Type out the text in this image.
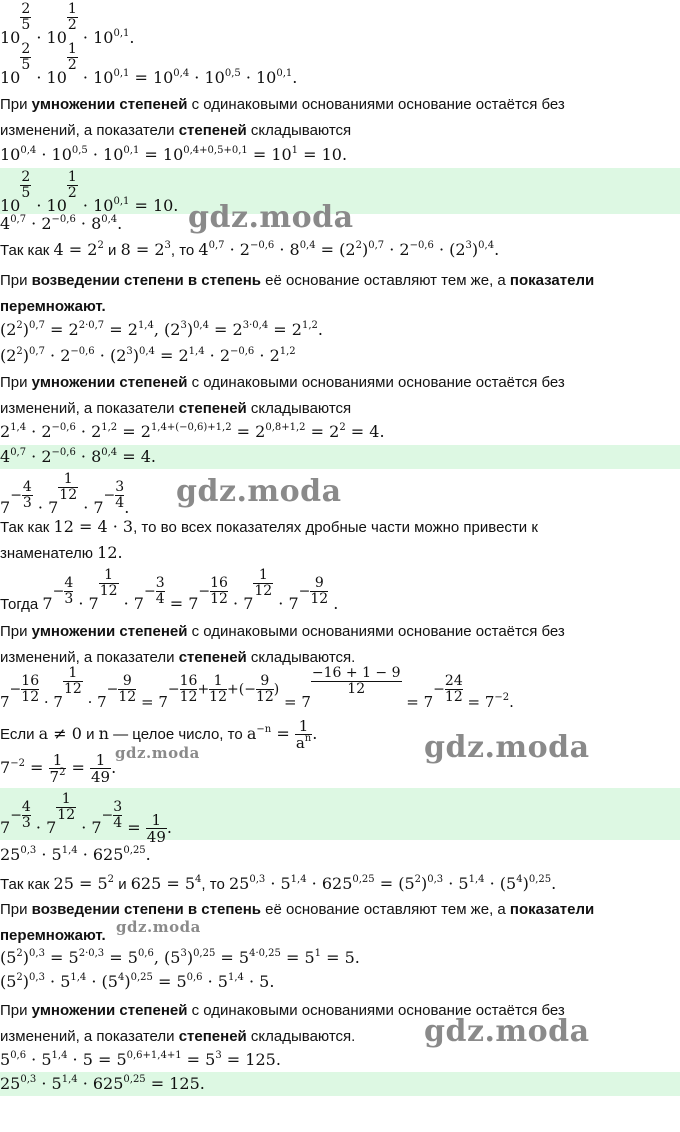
10
$\frac{2}{5}$
· 10
$\frac{1}{2}$
· $10^{0,1}$.
10
$\frac{2}{5}$
· 10
$\frac{1}{2}$
· $10^{0,1} = 10^{0,4} \cdot 10^{0,5} \cdot 10^{0,1}$.
При умножении степеней с одинаковыми основаниями основание остаётся без
изменений, а показатели степеней складываются
$10^{0,4} \cdot 10^{0,5} \cdot 10^{0,1} = 10^{0,4+0,5+0,1} = 10^1 = 10$.
10
$\frac{2}{5}$
· 10
$\frac{1}{2}$
· $10^{0,1} = 10$.
$4^{0,7} \cdot 2^{-0,6} \cdot 8^{0,4}$.	gdz.moda
Так как $4 = 2^2$ и $8 = 2^3$, то $4^{0,7} \cdot 2^{-0,6} \cdot 8^{0,4} = (2^2)^{0,7} \cdot 2^{-0,6} \cdot (2^3)^{0,4}$.
При возведении степени в степень её основание оставляют тем же, а показатели
перемножают.
$(2^2)^{0,7} = 2^{2\cdot 0,7} = 2^{1,4}$, $(2^3)^{0,4} = 2^{3\cdot 0,4} = 2^{1,2}$.
$(2^2)^{0,7} \cdot 2^{-0,6} \cdot (2^3)^{0,4} = 2^{1,4} \cdot 2^{-0,6} \cdot 2^{1,2}$
При умножении степеней с одинаковыми основаниями основание остаётся без
изменений, а показатели степеней складываются
$2^{1,4} \cdot 2^{-0,6} \cdot 2^{1,2} = 2^{1,4+(-0,6)+1,2} = 2^{0,8+1,2} = 2^2 = 4$.
$4^{0,7} \cdot 2^{-0,6} \cdot 8^{0,4} = 4$.
$7- \frac{4}{3} \cdot 7$
$\frac{1}{12}$
· $7- \frac{3}{4}$ .	gdz.moda
Так как 12 = 4 · 3, то во всех показателях дробные части можно привести к
знаменателю 12.
Тогда $7- \frac{4}{3} \cdot 7$
$\frac{1}{12}$
· $7- \frac{3}{4} = 7- \frac{16}{12} \cdot 7$
$\frac{1}{12}$
· $7- \frac{9}{12}$ .
При умножении степеней с одинаковыми основаниями основание остаётся без
изменений, а показатели степеней складываются.
$7- \frac{16}{12} \cdot 7$
$\frac{1}{12}$
· $7- \frac{9}{12} = 7- \frac{16}{12} + \frac{1}{12}$ +(− $\frac{9}{12}$ ) = 7
$\frac{-16 + 1 - 9}{12}$
= $7- \frac{24}{12} = 7^{-2}$.
Если a ≠ 0 и n — целое число, то $a^{-n} = \frac{1}{a^n}$ .	gdz.moda
$7^{-2} = \frac{1}{7^2} = \frac{1}{49}$ .
gdz.moda
$7- \frac{4}{3} \cdot 7$
$\frac{1}{12}$
· $7- \frac{3}{4} = \frac{1}{49}$ .
$25^{0,3} \cdot 5^{1,4} \cdot 625^{0,25}$.
Так как $25 = 5^2$ и $625 = 5^4$, то $25^{0,3} \cdot 5^{1,4} \cdot 625^{0,25} = (5^2)^{0,3} \cdot 5^{1,4} \cdot (5^4)^{0,25}$.
При возведении степени в степень её основание оставляют тем же, а показатели
перемножают. gdz.moda
$(5^2)^{0,3} = 5^{2\cdot 0,3} = 5^{0,6}$, $(5^3)^{0,25} = 5^{4\cdot 0,25} = 5^1 = 5$.
$(5^2)^{0,3} \cdot 5^{1,4} \cdot (5^4)^{0,25} = 5^{0,6} \cdot 5^{1,4} \cdot 5$.
При умножении степеней с одинаковыми основаниями основание остаётся без
изменений, а показатели степеней складываются.	gdz.moda
$5^{0,6} \cdot 5^{1,4} \cdot 5 = 5^{0,6+1,4+1} = 5^3 = 125$.
$25^{0,3} \cdot 5^{1,4} \cdot 625^{0,25} = 125$.
